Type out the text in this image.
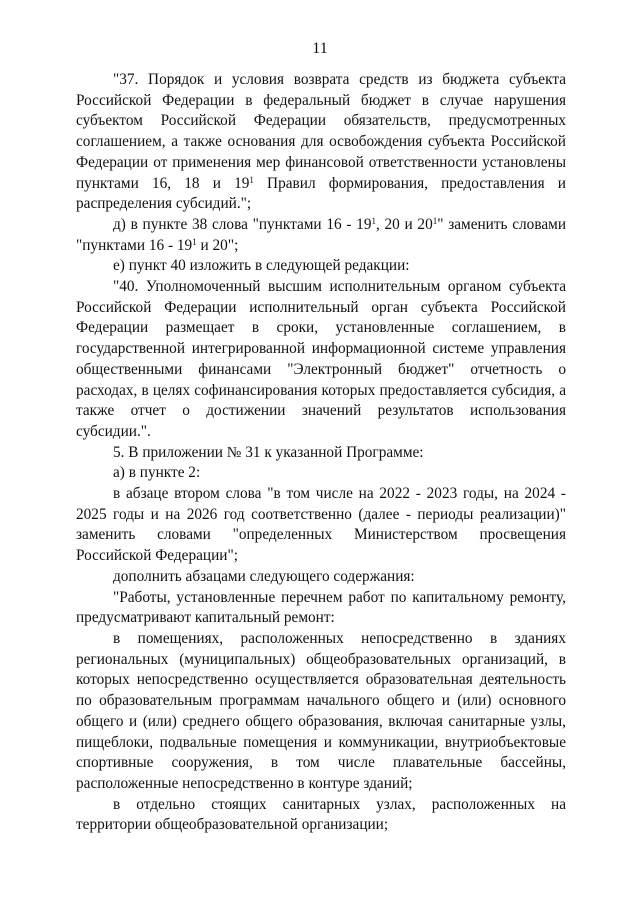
11

"37. Порядок и условия возврата средств из бюджета субъекта Российской Федерации в федеральный бюджет в случае нарушения субъектом Российской Федерации обязательств, предусмотренных соглашением, а также основания для освобождения субъекта Российской Федерации от применения мер финансовой ответственности установлены пунктами 16, 18 и $19^1$ Правил формирования, предоставления и распределения субсидий.";

д) в пункте 38 слова "пунктами $16 - 19^1$, 20 и $20^1$" заменить словами "пунктами $16 - 19^1$ и 20";

е) пункт 40 изложить в следующей редакции:

"40. Уполномоченный высшим исполнительным органом субъекта Российской Федерации исполнительный орган субъекта Российской Федерации размещает в сроки, установленные соглашением, в государственной интегрированной информационной системе управления общественными финансами "Электронный бюджет" отчетность о расходах, в целях софинансирования которых предоставляется субсидия, а также отчет о достижении значений результатов использования субсидии.".

5. В приложении № 31 к указанной Программе:

а) в пункте 2:

в абзаце втором слова "в том числе на 2022 - 2023 годы, на 2024 - 2025 годы и на 2026 год соответственно (далее - периоды реализации)" заменить словами "определенных Министерством просвещения Российской Федерации";

дополнить абзацами следующего содержания:

"Работы, установленные перечнем работ по капитальному ремонту, предусматривают капитальный ремонт:

в помещениях, расположенных непосредственно в зданиях региональных (муниципальных) общеобразовательных организаций, в которых непосредственно осуществляется образовательная деятельность по образовательным программам начального общего и (или) основного общего и (или) среднего общего образования, включая санитарные узлы, пищеблоки, подвальные помещения и коммуникации, внутриобъектовые спортивные сооружения, в том числе плавательные бассейны, расположенные непосредственно в контуре зданий;

в отдельно стоящих санитарных узлах, расположенных на территории общеобразовательной организации;
